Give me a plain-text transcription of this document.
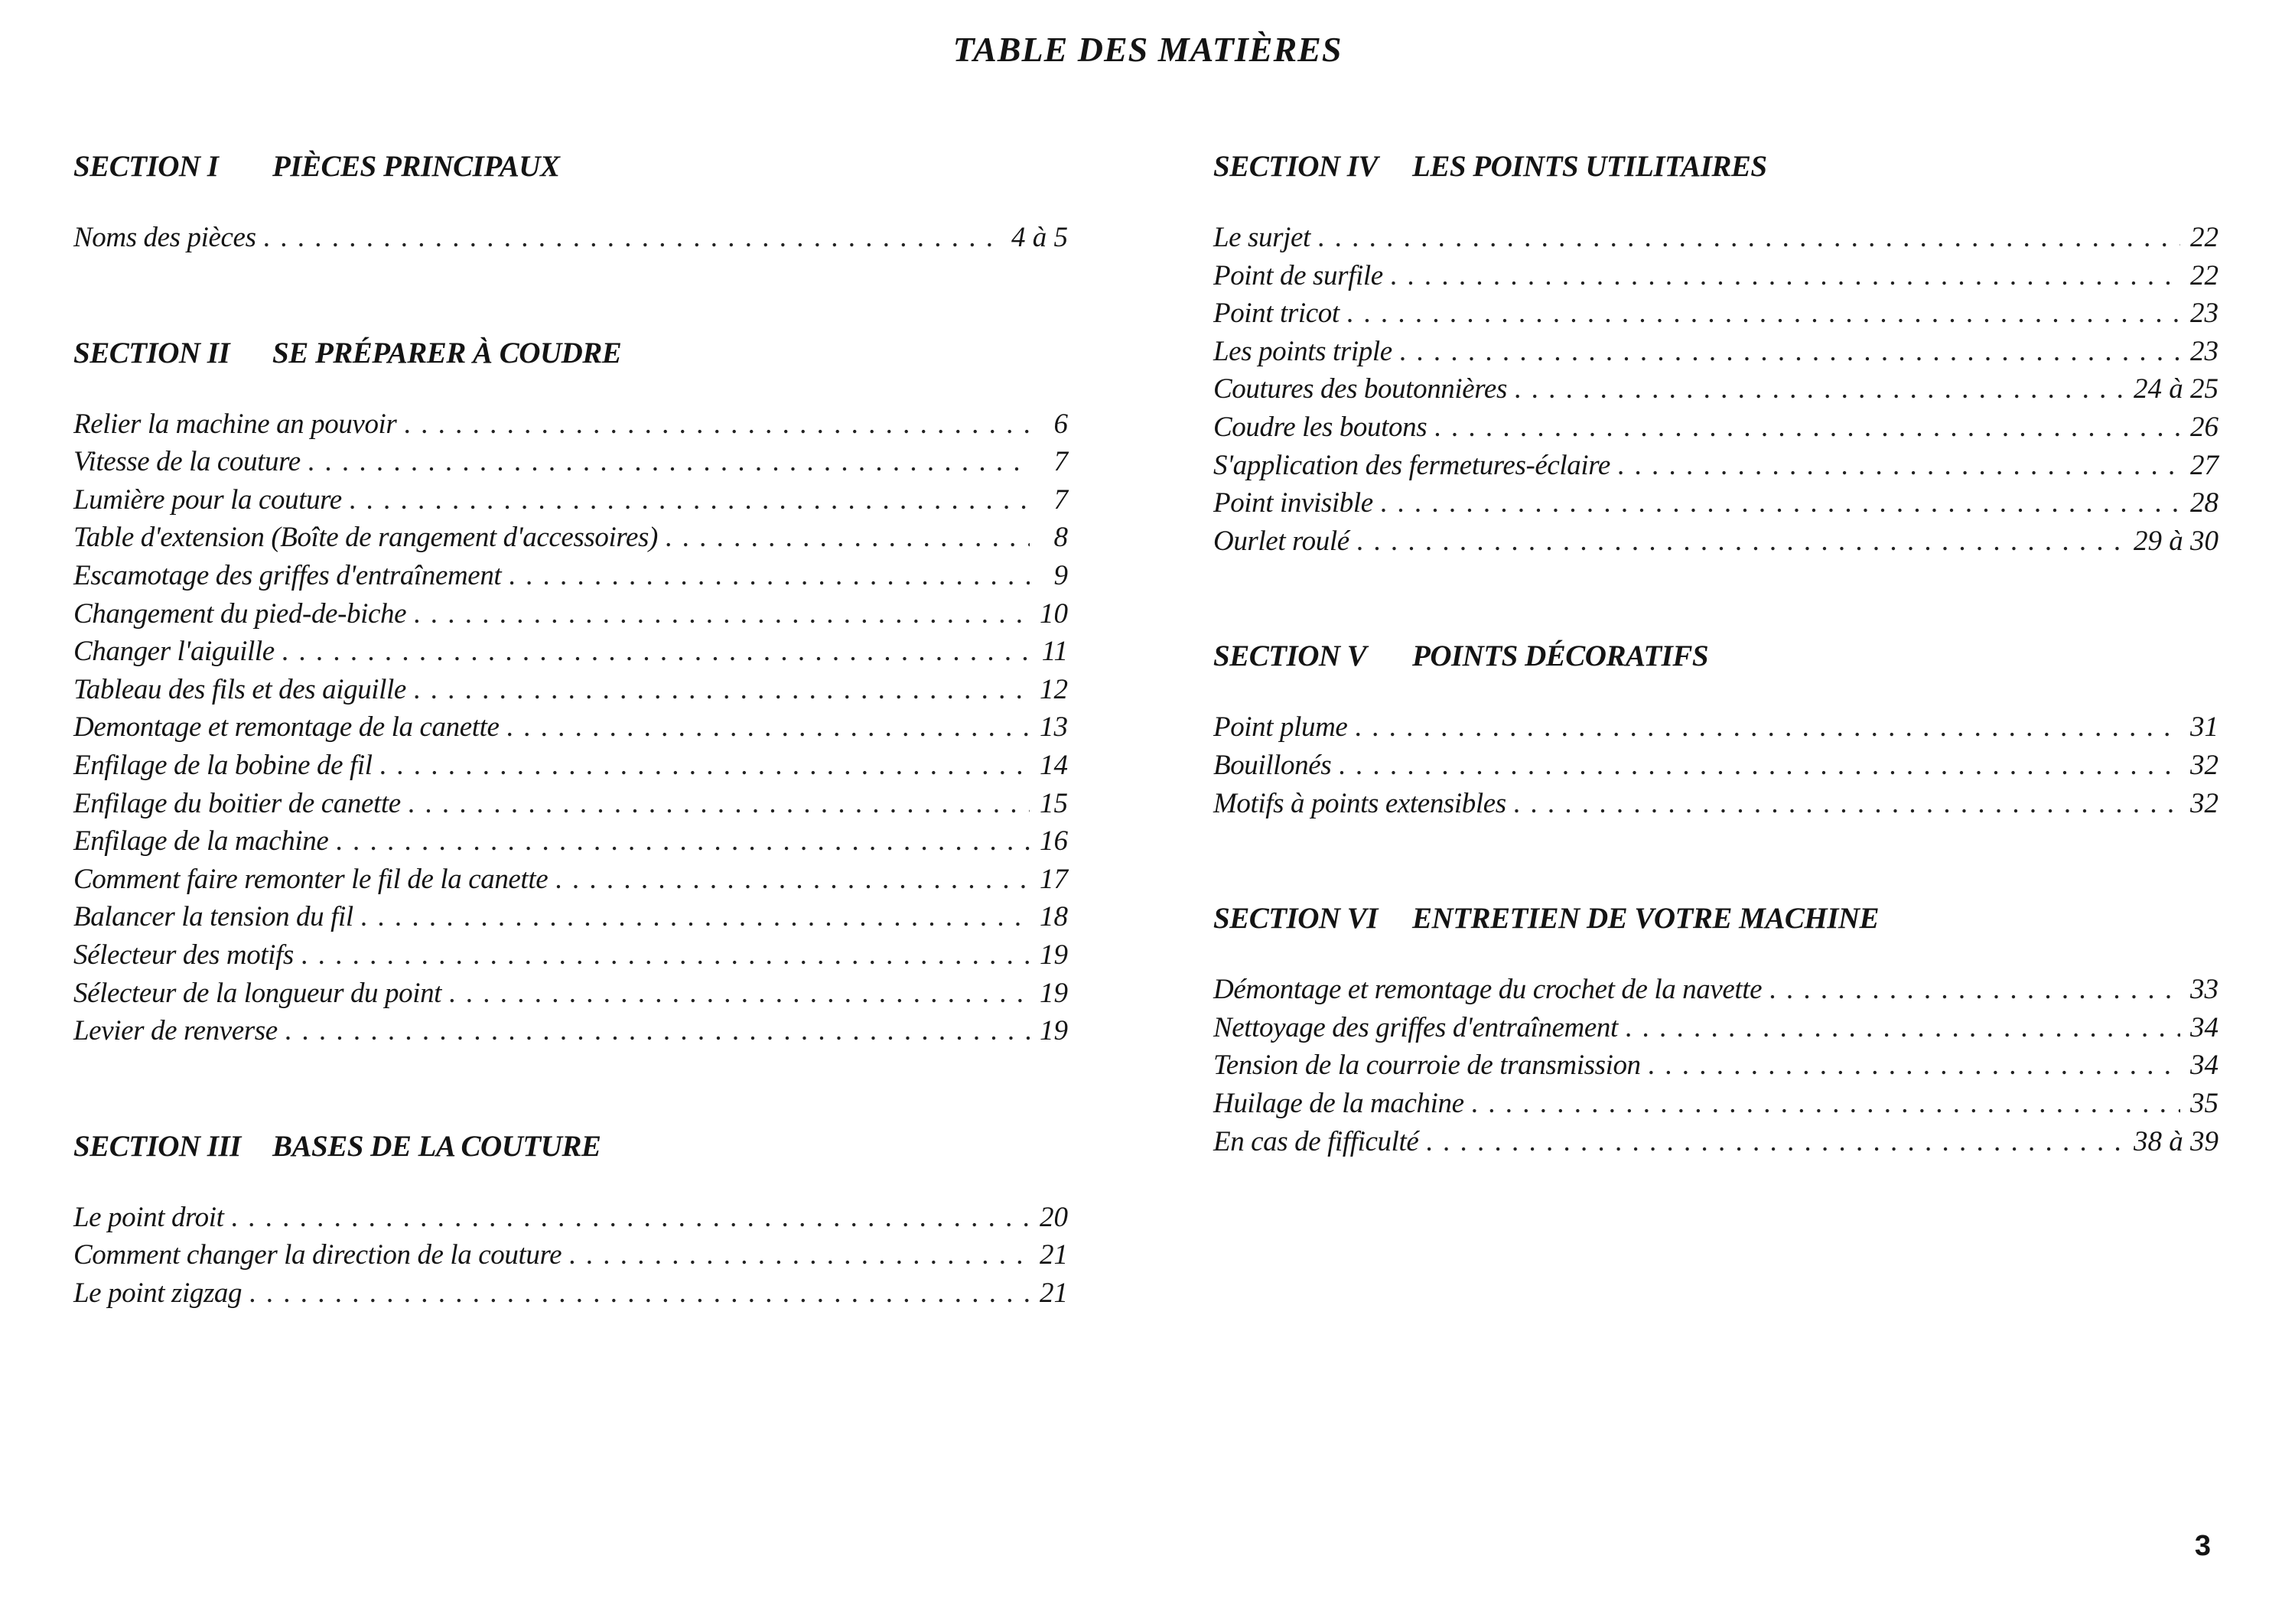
TABLE DES MATIÈRES
SECTION I PIÈCES PRINCIPAUX
Noms des pièces . . .	4 à 5
SECTION II SE PRÉPARER À COUDRE
Relier la machine an pouvoir . . .	6
Vitesse de la couture . . .	7
Lumière pour la couture . . .	7
Table d'extension (Boîte de rangement d'accessoires) . . .	8
Escamotage des griffes d'entraînement . . .	9
Changement du pied-de-biche . . .	10
Changer l'aiguille . . .	11
Tableau des fils et des aiguille . . .	12
Demontage et remontage de la canette . . .	13
Enfilage de la bobine de fil . . .	14
Enfilage du boitier de canette . . .	15
Enfilage de la machine . . .	16
Comment faire remonter le fil de la canette . . .	17
Balancer la tension du fil . . .	18
Sélecteur des motifs . . .	19
Sélecteur de la longueur du point . . .	19
Levier de renverse . . .	19
SECTION III BASES DE LA COUTURE
Le point droit . . .	20
Comment changer la direction de la couture . . .	21
Le point zigzag . . .	21
SECTION IV LES POINTS UTILITAIRES
Le surjet . . .	22
Point de surfile . . .	22
Point tricot . . .	23
Les points triple . . .	23
Coutures des boutonnières . . .	24 à 25
Coudre les boutons . . .	26
S'application des fermetures-éclaire . . .	27
Point invisible . . .	28
Ourlet roulé . . .	29 à 30
SECTION V POINTS DÉCORATIFS
Point plume . . .	31
Bouillonés . . .	32
Motifs à points extensibles . . .	32
SECTION VI ENTRETIEN DE VOTRE MACHINE
Démontage et remontage du crochet de la navette . . .	33
Nettoyage des griffes d'entraînement . . .	34
Tension de la courroie de transmission . . .	34
Huilage de la machine . . .	35
En cas de fifficulté . . .	38 à 39
3
